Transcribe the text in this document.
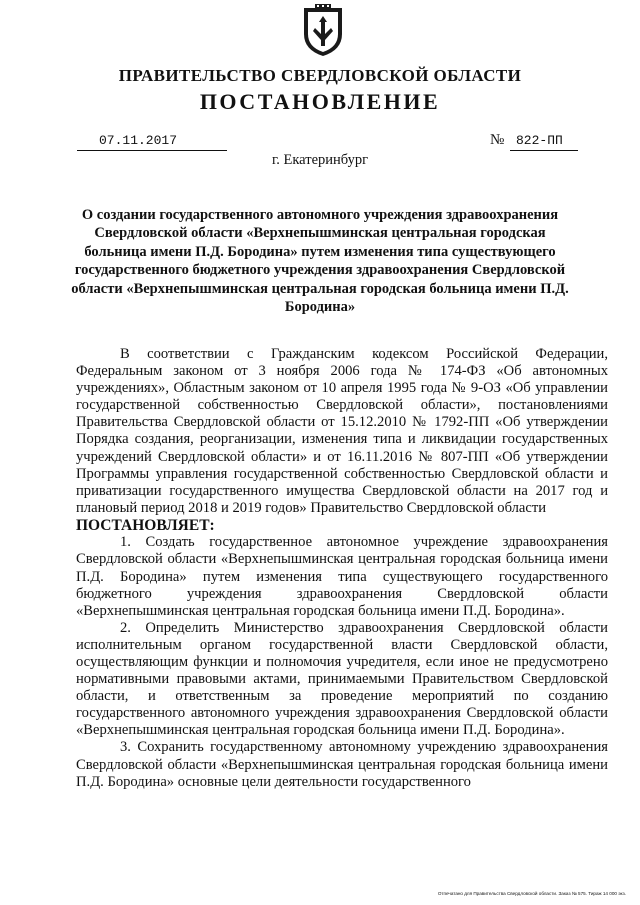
ПРАВИТЕЛЬСТВО СВЕРДЛОВСКОЙ ОБЛАСТИ
ПОСТАНОВЛЕНИЕ
07.11.2017	№ 822-ПП
г. Екатеринбург
О создании государственного автономного учреждения здравоохранения Свердловской области «Верхнепышминская центральная городская больница имени П.Д. Бородина» путем изменения типа существующего государственного бюджетного учреждения здравоохранения Свердловской области «Верхнепышминская центральная городская больница имени П.Д. Бородина»

В соответствии с Гражданским кодексом Российской Федерации, Федеральным законом от 3 ноября 2006 года № 174-ФЗ «Об автономных учреждениях», Областным законом от 10 апреля 1995 года № 9-ОЗ «Об управлении государственной собственностью Свердловской области», постановлениями Правительства Свердловской области от 15.12.2010 № 1792-ПП «Об утверждении Порядка создания, реорганизации, изменения типа и ликвидации государственных учреждений Свердловской области» и от 16.11.2016 № 807-ПП «Об утверждении Программы управления государственной собственностью Свердловской области и приватизации государственного имущества Свердловской области на 2017 год и плановый период 2018 и 2019 годов» Правительство Свердловской области

ПОСТАНОВЛЯЕТ:

1. Создать государственное автономное учреждение здравоохранения Свердловской области «Верхнепышминская центральная городская больница имени П.Д. Бородина» путем изменения типа существующего государственного бюджетного учреждения здравоохранения Свердловской области «Верхнепышминская центральная городская больница имени П.Д. Бородина».

2. Определить Министерство здравоохранения Свердловской области исполнительным органом государственной власти Свердловской области, осуществляющим функции и полномочия учредителя, если иное не предусмотрено нормативными правовыми актами, принимаемыми Правительством Свердловской области, и ответственным за проведение мероприятий по созданию государственного автономного учреждения здравоохранения Свердловской области «Верхнепышминская центральная городская больница имени П.Д. Бородина».

3. Сохранить государственному автономному учреждению здравоохранения Свердловской области «Верхнепышминская центральная городская больница имени П.Д. Бородина» основные цели деятельности государственного

Отпечатано для Правительства Свердловской области. Заказ № 575. Тираж 14 000 экз.
